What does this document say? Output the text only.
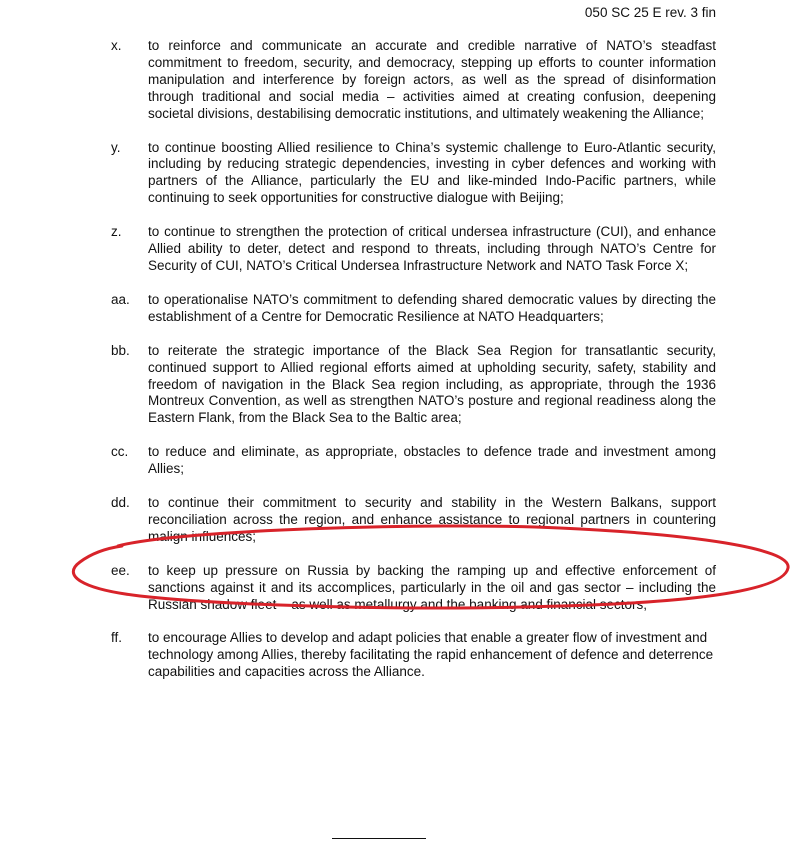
050 SC 25 E rev. 3 fin
x. to reinforce and communicate an accurate and credible narrative of NATO’s steadfast commitment to freedom, security, and democracy, stepping up efforts to counter information manipulation and interference by foreign actors, as well as the spread of disinformation through traditional and social media – activities aimed at creating confusion, deepening societal divisions, destabilising democratic institutions, and ultimately weakening the Alliance;
y. to continue boosting Allied resilience to China’s systemic challenge to Euro-Atlantic security, including by reducing strategic dependencies, investing in cyber defences and working with partners of the Alliance, particularly the EU and like-minded Indo-Pacific partners, while continuing to seek opportunities for constructive dialogue with Beijing;
z. to continue to strengthen the protection of critical undersea infrastructure (CUI), and enhance Allied ability to deter, detect and respond to threats, including through NATO’s Centre for Security of CUI, NATO’s Critical Undersea Infrastructure Network and NATO Task Force X;
aa. to operationalise NATO’s commitment to defending shared democratic values by directing the establishment of a Centre for Democratic Resilience at NATO Headquarters;
bb. to reiterate the strategic importance of the Black Sea Region for transatlantic security, continued support to Allied regional efforts aimed at upholding security, safety, stability and freedom of navigation in the Black Sea region including, as appropriate, through the 1936 Montreux Convention, as well as strengthen NATO’s posture and regional readiness along the Eastern Flank, from the Black Sea to the Baltic area;
cc. to reduce and eliminate, as appropriate, obstacles to defence trade and investment among Allies;
dd. to continue their commitment to security and stability in the Western Balkans, support reconciliation across the region, and enhance assistance to regional partners in countering malign influences;
ee. to keep up pressure on Russia by backing the ramping up and effective enforcement of sanctions against it and its accomplices, particularly in the oil and gas sector – including the Russian shadow fleet – as well as metallurgy and the banking and financial sectors;
ff. to encourage Allies to develop and adapt policies that enable a greater flow of investment and technology among Allies, thereby facilitating the rapid enhancement of defence and deterrence capabilities and capacities across the Alliance.
